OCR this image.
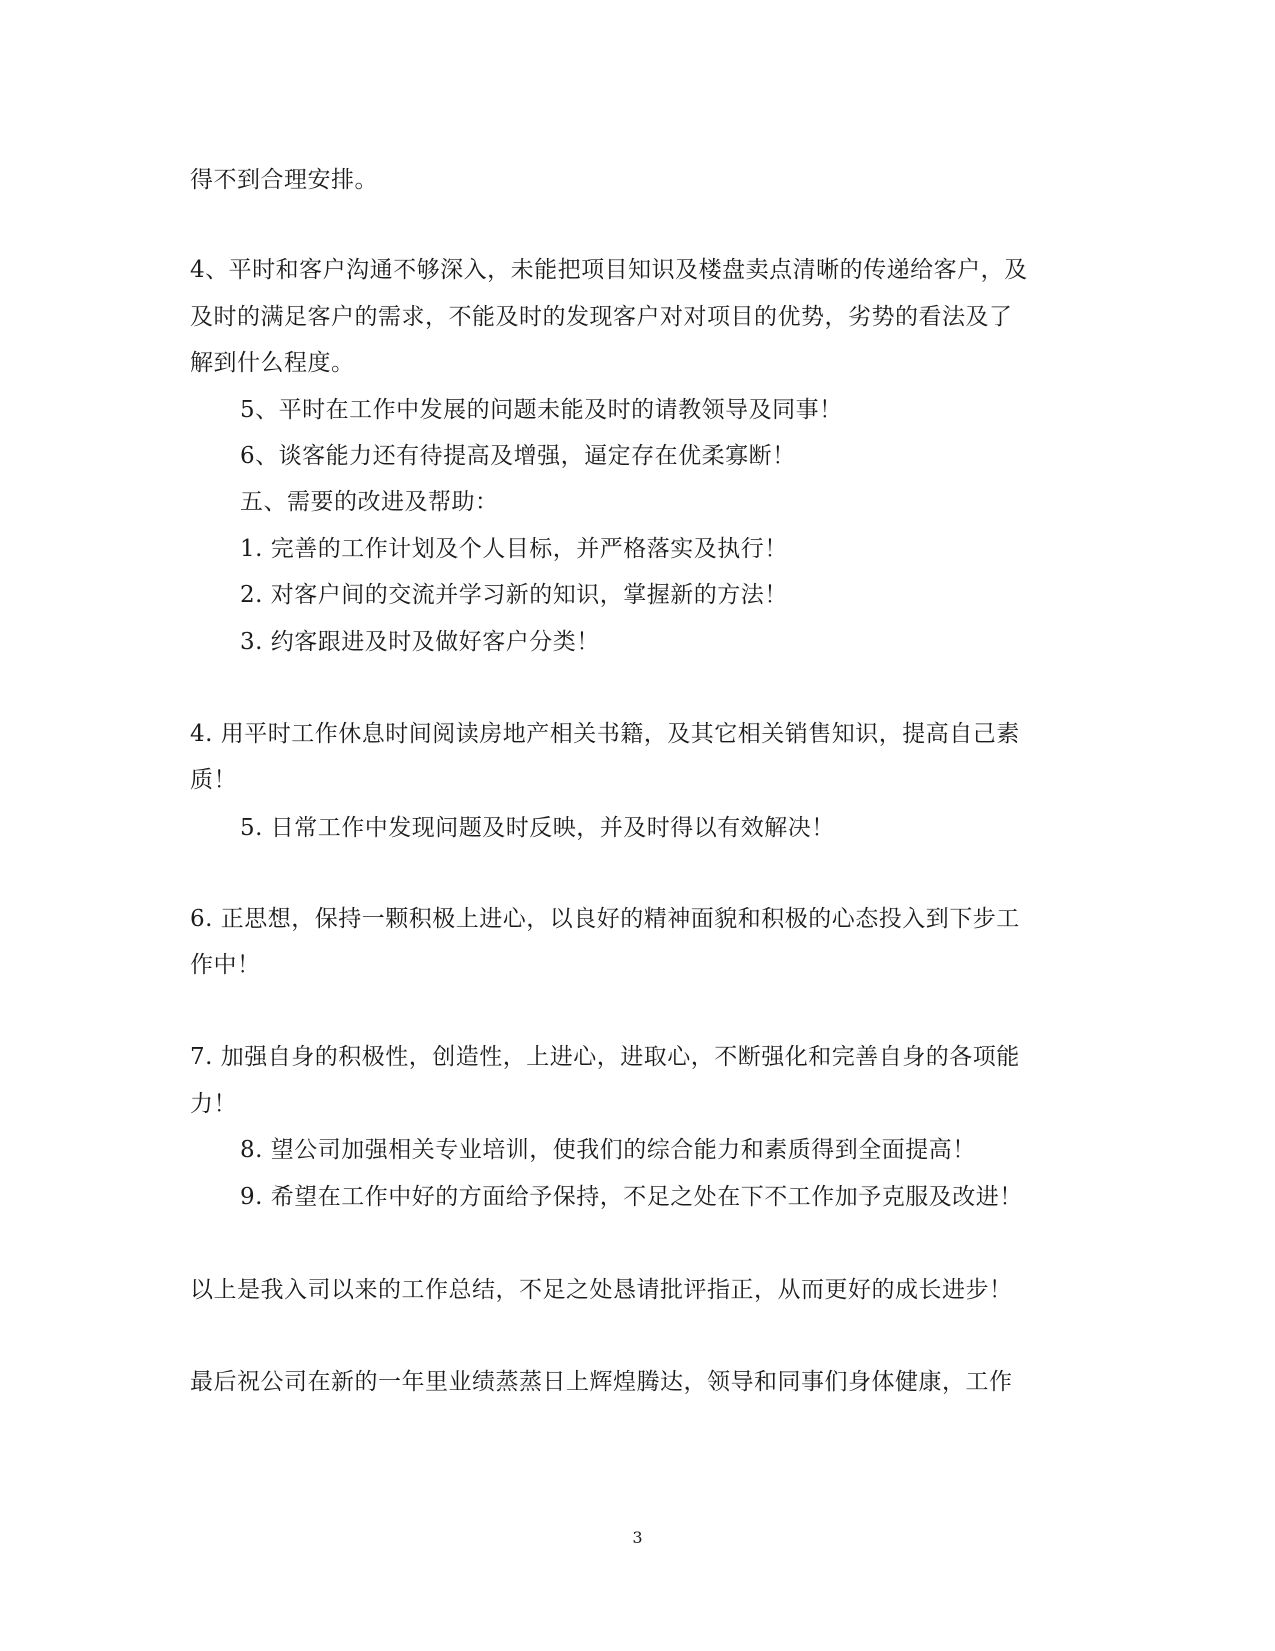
得不到合理安排。
4、平时和客户沟通不够深入，未能把项目知识及楼盘卖点清晰的传递给客户，及
及时的满足客户的需求，不能及时的发现客户对对项目的优势，劣势的看法及了
解到什么程度。
5、平时在工作中发展的问题未能及时的请教领导及同事！
6、谈客能力还有待提高及增强，逼定存在优柔寡断！
五、需要的改进及帮助：
1. 完善的工作计划及个人目标，并严格落实及执行！
2. 对客户间的交流并学习新的知识，掌握新的方法！
3. 约客跟进及时及做好客户分类！
4. 用平时工作休息时间阅读房地产相关书籍，及其它相关销售知识，提高自己素
质！
5. 日常工作中发现问题及时反映，并及时得以有效解决！
6. 正思想，保持一颗积极上进心，以良好的精神面貌和积极的心态投入到下步工
作中！
7. 加强自身的积极性，创造性，上进心，进取心，不断强化和完善自身的各项能
力！
8. 望公司加强相关专业培训，使我们的综合能力和素质得到全面提高！
9. 希望在工作中好的方面给予保持，不足之处在下不工作加予克服及改进！
以上是我入司以来的工作总结，不足之处恳请批评指正，从而更好的成长进步！
最后祝公司在新的一年里业绩蒸蒸日上辉煌腾达，领导和同事们身体健康，工作
3
